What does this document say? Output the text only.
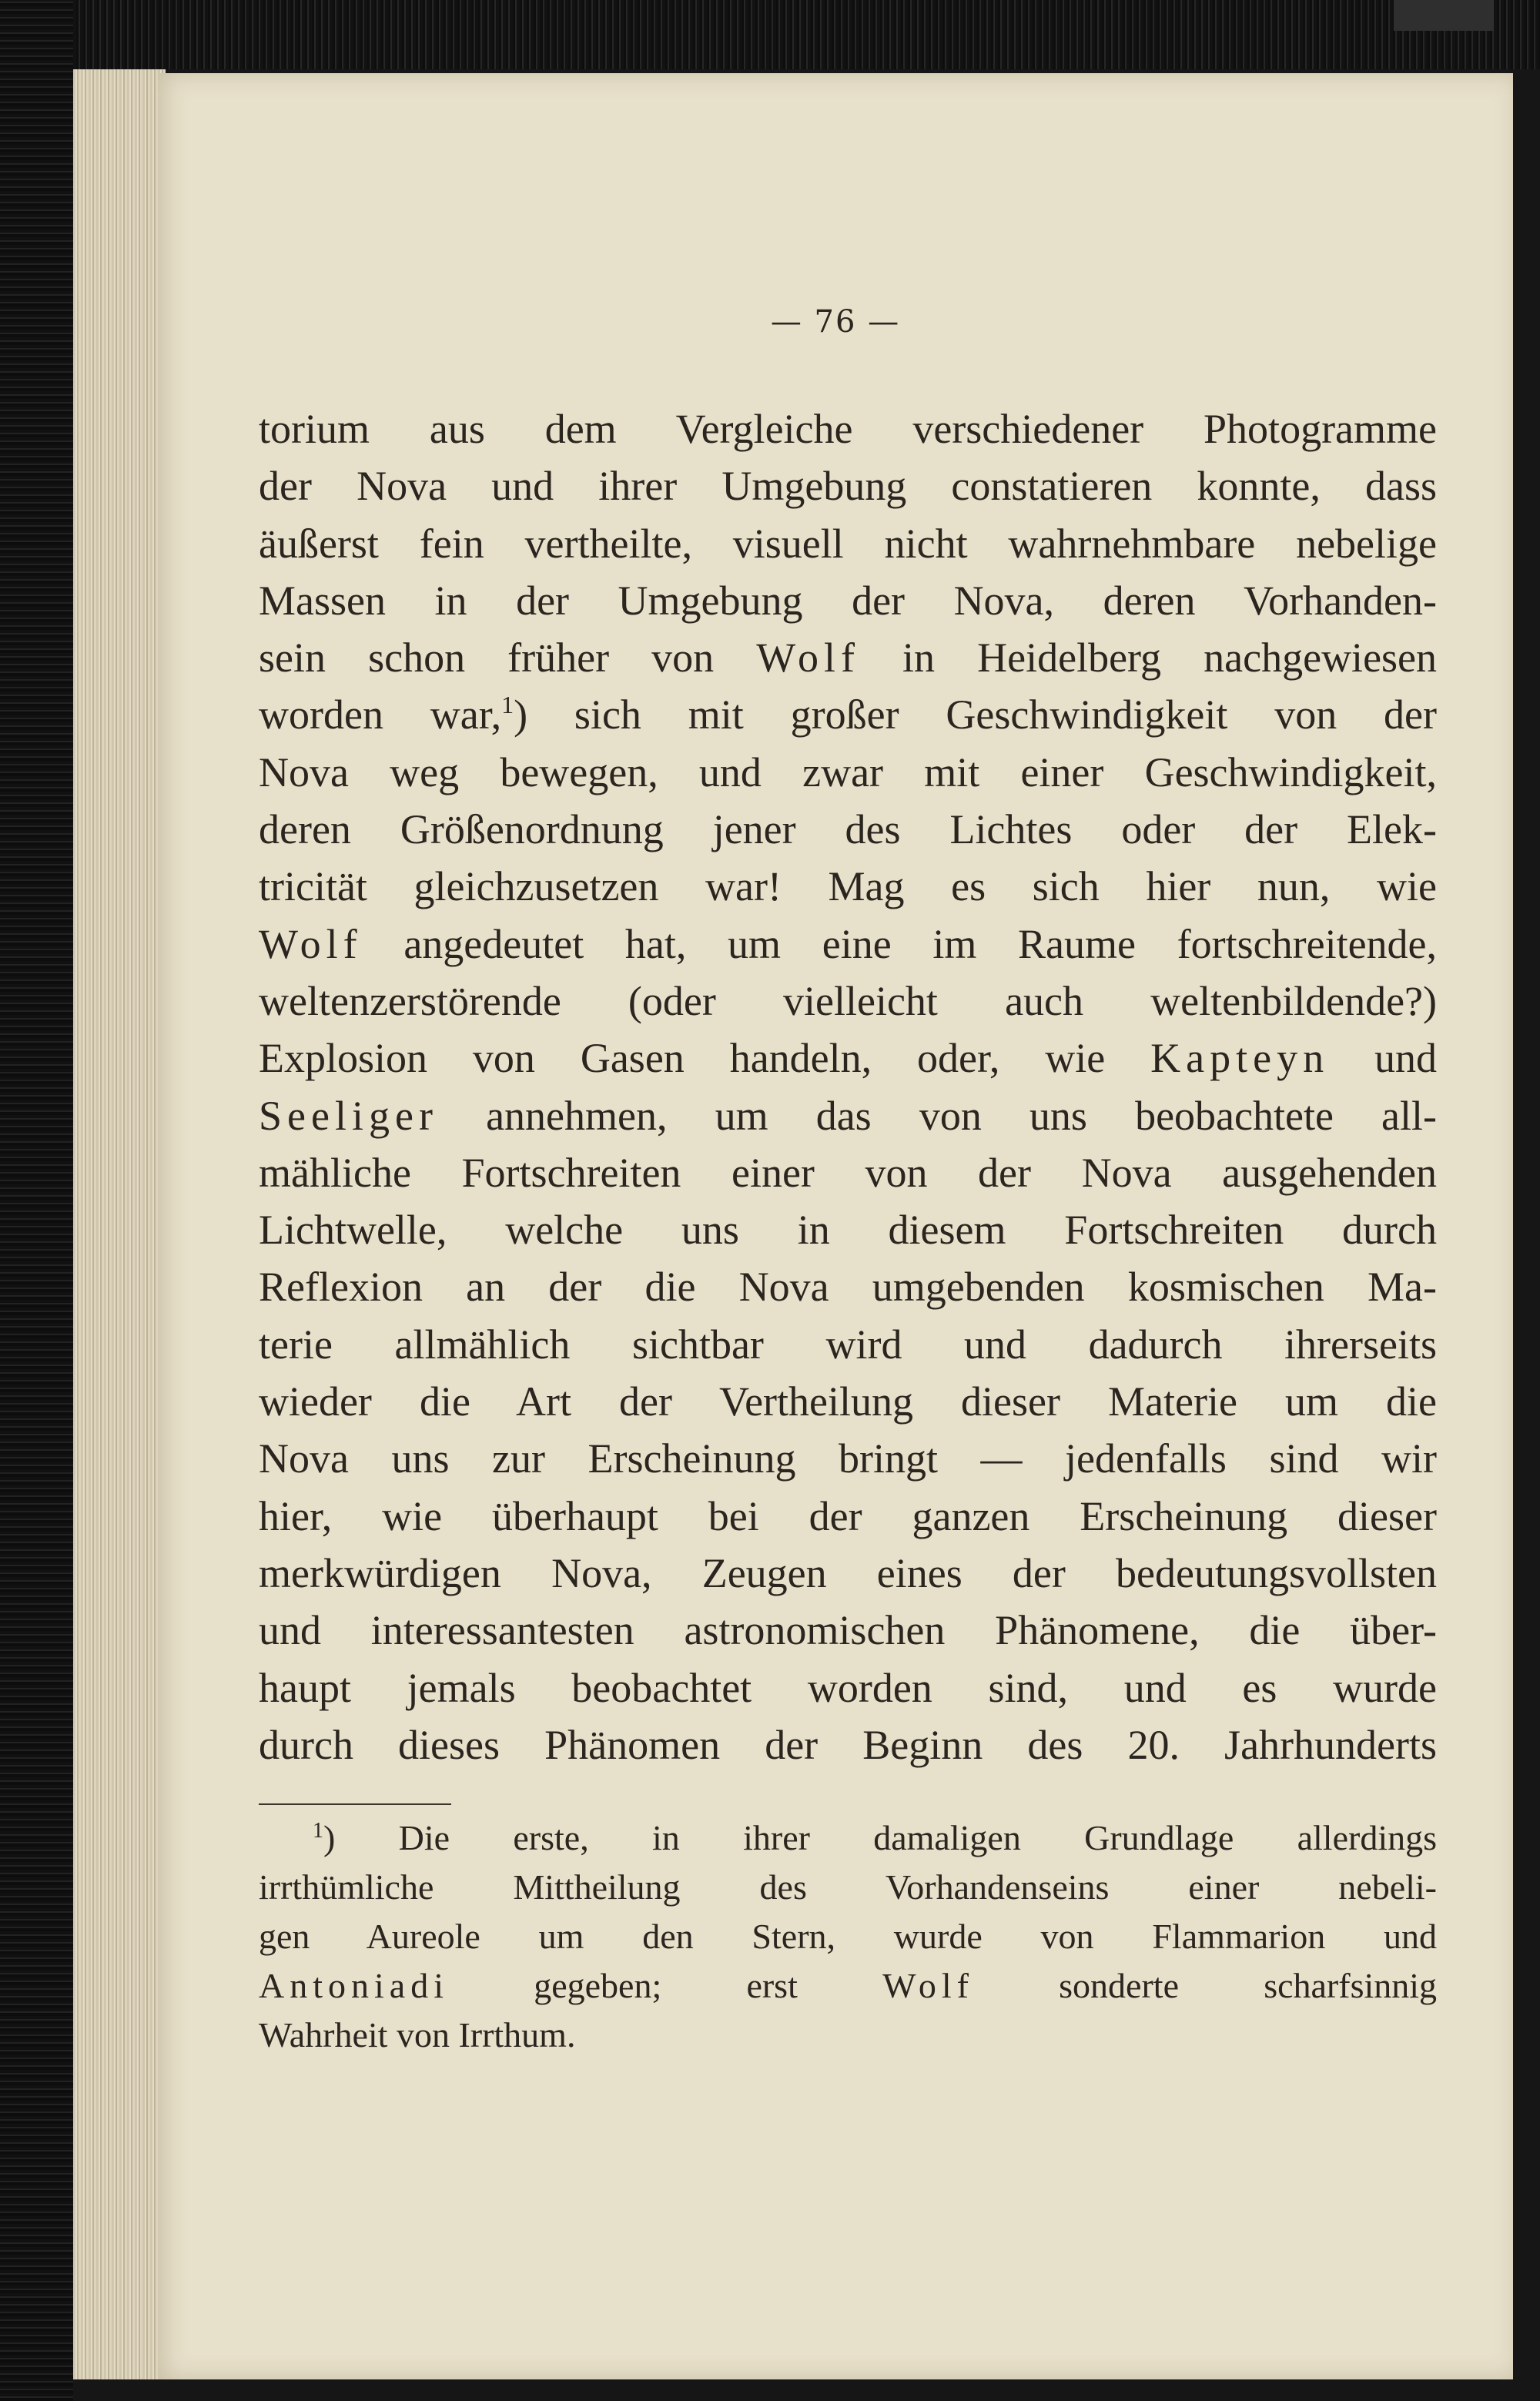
— 76 —
torium aus dem Vergleiche verschiedener Photogramme
der Nova und ihrer Umgebung constatieren konnte, dass
äußerst fein vertheilte, visuell nicht wahrnehmbare nebelige
Massen in der Umgebung der Nova, deren Vorhanden-
sein schon früher von Wolf in Heidelberg nachgewiesen
worden war,$^1$) sich mit großer Geschwindigkeit von der
Nova weg bewegen, und zwar mit einer Geschwindigkeit,
deren Größenordnung jener des Lichtes oder der Elek-
tricität gleichzusetzen war! Mag es sich hier nun, wie
Wolf angedeutet hat, um eine im Raume fortschreitende,
weltenzerstörende (oder vielleicht auch weltenbildende?)
Explosion von Gasen handeln, oder, wie Kapteyn und
Seeliger annehmen, um das von uns beobachtete all-
mähliche Fortschreiten einer von der Nova ausgehenden
Lichtwelle, welche uns in diesem Fortschreiten durch
Reflexion an der die Nova umgebenden kosmischen Ma-
terie allmählich sichtbar wird und dadurch ihrerseits
wieder die Art der Vertheilung dieser Materie um die
Nova uns zur Erscheinung bringt — jedenfalls sind wir
hier, wie überhaupt bei der ganzen Erscheinung dieser
merkwürdigen Nova, Zeugen eines der bedeutungsvollsten
und interessantesten astronomischen Phänomene, die über-
haupt jemals beobachtet worden sind, und es wurde
durch dieses Phänomen der Beginn des 20. Jahrhunderts
$^1$) Die erste, in ihrer damaligen Grundlage allerdings
irrthümliche Mittheilung des Vorhandenseins einer nebeli-
gen Aureole um den Stern, wurde von Flammarion und
Antoniadi gegeben; erst Wolf sonderte scharfsinnig
Wahrheit von Irrthum.
